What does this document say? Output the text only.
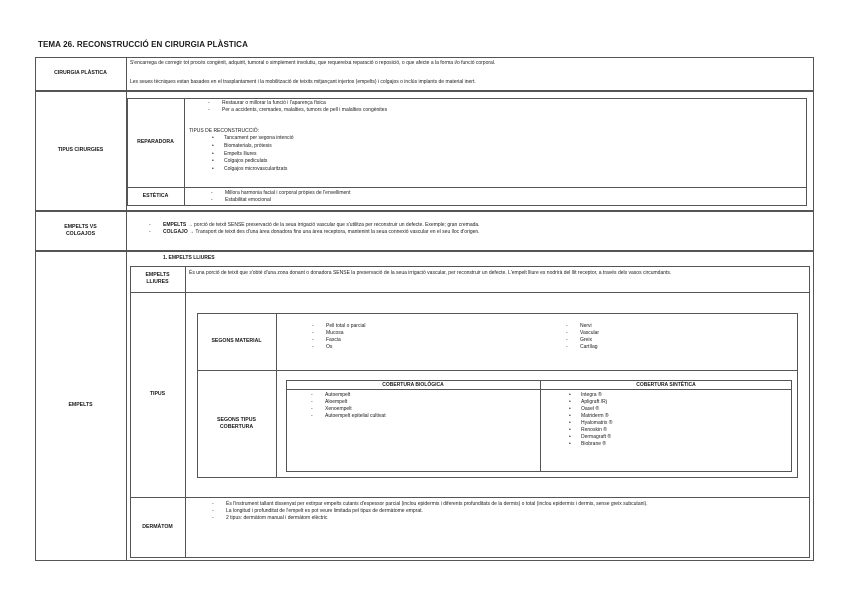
TEMA 26. RECONSTRUCCIÓ EN CIRURGIA PLÀSTICA
CIRURGIA PLÀSTICA
S'encarrega de corregir tot procés congènit, adquirit, tumoral o simplement involutiu, que requereixa reparació o reposició, o que afecte a la forma i/o funció corporal.
Les seues tècniques estan basades en el trasplantament i la mobilització de teixits mitjançant injertos (empelts) i colgajos o inclús implants de material inert.
TIPUS CIRURGIES
REPARADORA
- Restaurar o millorar la funció i l'aparença física
- Per a accidents, cremades, malalties, tumors de pell i malalties congènites
TIPUS DE RECONSTRUCCIÓ:
• Tancament per segona intenció
• Biomaterials, pròtesis
• Empelts lliures
• Colgajos pediculats
• Colgajos microvascularitzats
ESTÈTICA
-	Millora harmonia facial i corporal pròpies de l'envelliment
- Estabilitat emocional
EMPELTS VS
COLGAJOS
- EMPELTS → porció de teixit SENSE preservació de la seua irrigació vascular que s'utilitza per reconstruir un defecte. Exemple; gran cremada.
- COLGAJO → Transport de teixit des d'una àrea donadora fins una àrea receptora, mantenint la seua connexió vascular en el seu lloc d'origen.
EMPELTS
1. EMPELTS LLIURES
EMPELTS
LLIURES
És una porció de teixit que s'obté d'una zona donant o donadora SENSE la preservació de la seua irrigació vascular, per reconstruir un defecte. L'empelt lliure es nodrirà del llit receptor, a través dels vasos circumdants.
TIPUS
SEGONS MATERIAL
- Pell total o parcial
- Mucosa
- Fascia
- Os
- Nervi
- Vascular
- Greix
- Cartílag
SEGONS TIPUS
COBERTURA
COBERTURA BIOLÒGICA	COBERTURA SINTÈTICA
- Autoempelt
- Aloempelt
- Xenoempelt
- Autoempelt epitelial cultivat
• Integra ®
• Apligraft /Rj
• Oasel ®
• Matriderm ®
• Hyalomatrix ®
• Renoskin ®
• Dermagraft ®
• Biobrane ®
DERMÀTOM
- És l'instrument tallant dissenyat per extirpar empelts cutanis d'espessor parcial (inclou epidermis i diferents profunditats de la dermis) o total (inclou epidermis i dermis, sense greix subcutani).
- La longitud i profunditat de l'empelt es pot veure limitada pel tipus de dermàtome emprat.
- 2 tipus: dermàtom manual i dermàtom elèctric
